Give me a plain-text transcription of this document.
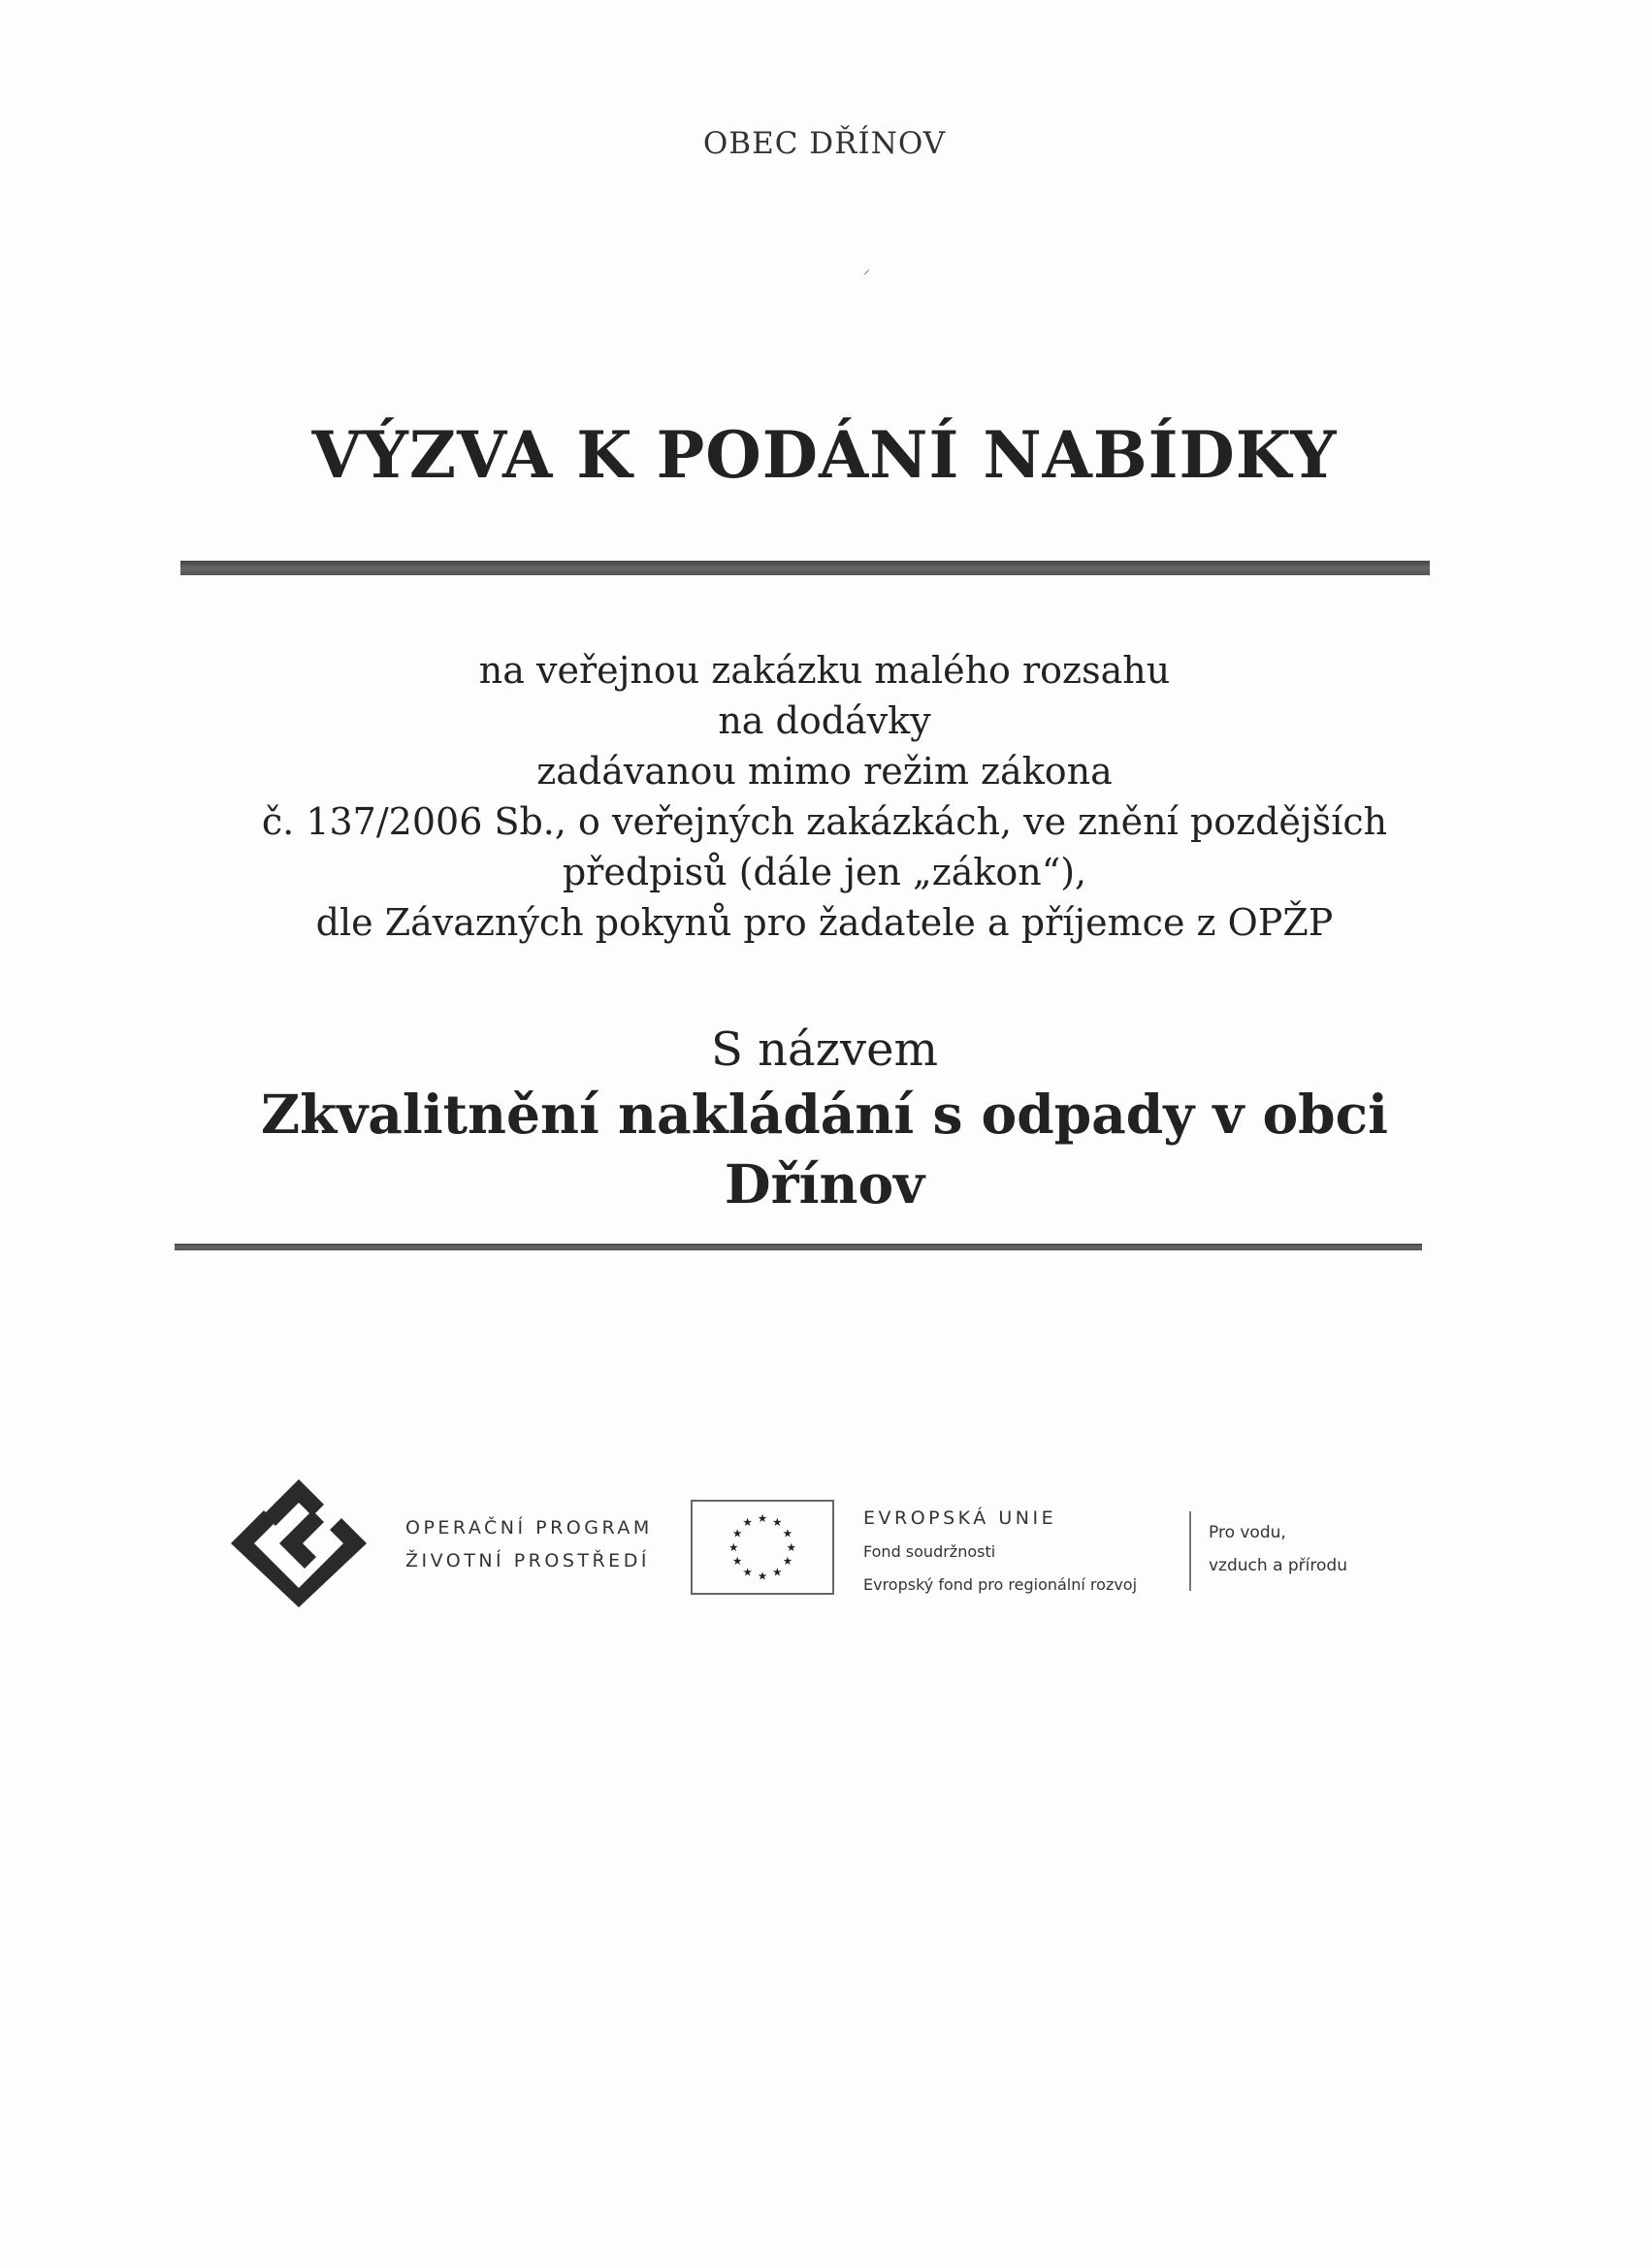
OBEC DŘÍNOV
⸝
VÝZVA K PODÁNÍ NABÍDKY
na veřejnou zakázku malého rozsahu
na dodávky
zadávanou mimo režim zákona
č. 137/2006 Sb., o veřejných zakázkách, ve znění pozdějších
předpisů (dále jen „zákon“),
dle Závazných pokynů pro žadatele a příjemce z OPŽP
S názvem
Zkvalitnění nakládání s odpady v obci
Dřínov
OPERAČNÍ PROGRAM
ŽIVOTNÍ PROSTŘEDÍ
★ ★
★
★
★
★
★
★
★
★
★
★	EVROPSKÁ UNIE
Fond soudržnosti
Evropský fond pro regionální rozvoj
Pro vodu,
vzduch a přírodu
